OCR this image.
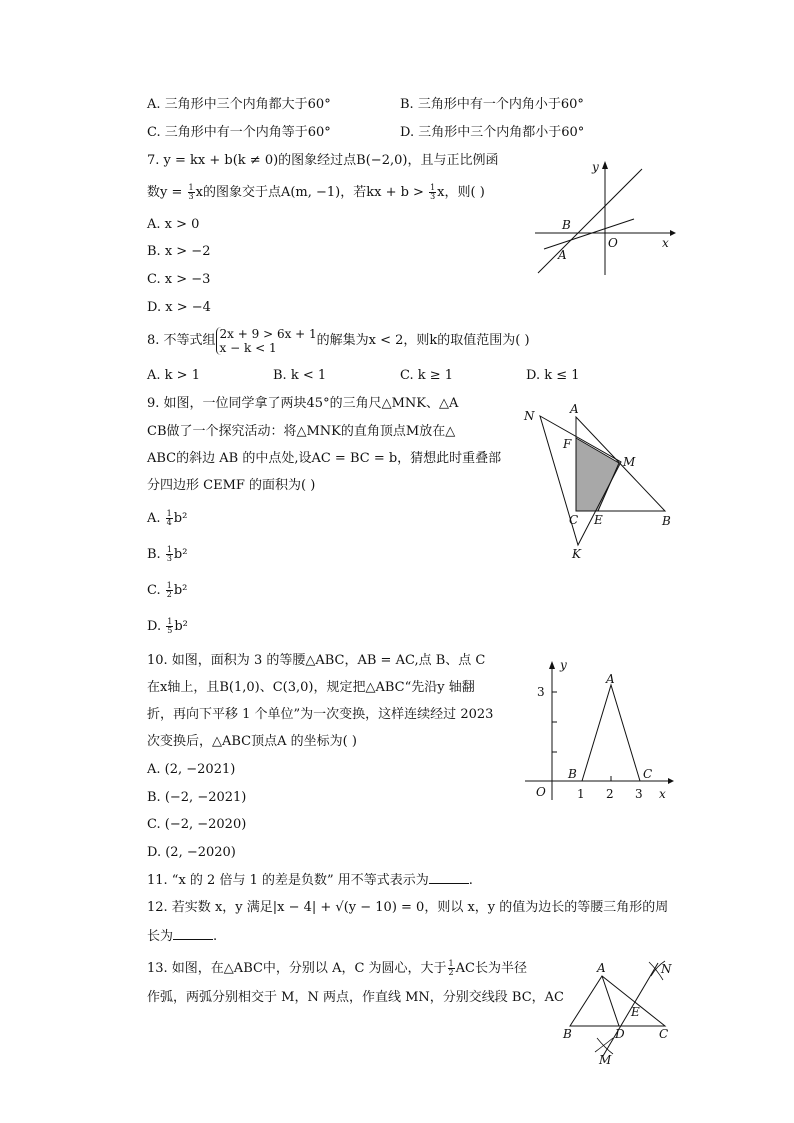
A. 三角形中三个内角都大于60°	B. 三角形中有一个内角小于60°
C. 三角形中有一个内角等于60°	D. 三角形中三个内角都小于60°
7. y = kx + b(k ≠ 0)的图象经过点B(−2,0)，且与正比例函
数$y = \frac{1}{3}$ x的图象交于点A(m, −1)，若kx + $b > \frac{1}{3}$ x，则( )
A. x > 0
B. x > −2
C. x > −3
D. x > −4
y
x
O
B
A
8. 不等式组 2x + 9 > 6x + 1
x − k < 1	的解集为x < 2，则k的取值范围为( )
A. k > 1	B. k < 1	C. k ≥ 1	D. k ≤ 1
9. 如图，一位同学拿了两块45°的三角尺△MNK、△A
CB做了一个探究活动：将△MNK的直角顶点M放在△
ABC的斜边 AB 的中点处,设AC = BC = b，猜想此时重叠部
分四边形 CEMF 的面积为( )
A. $\frac{1}{4} b^2$
B. $\frac{1}{3} b^2$
C. $\frac{1}{2} b^2$
D. $\frac{1}{5} b^2$
N	A
F
M
C E	B
K
10. 如图，面积为 3 的等腰△ABC，AB = AC,点 B、点 C
在x轴上，且B(1,0)、C(3,0)，规定把△ABC“先沿y 轴翻
折，再向下平移 1 个单位”为一次变换，这样连续经过 2023
次变换后，△ABC顶点A 的坐标为( )
A. (2, −2021)
B. (−2, −2021)
C. (−2, −2020)
D. (2, −2020)
y
x
O
3
1 2 3
A
B	C
11. “x 的 2 倍与 1 的差是负数” 用不等式表示为	.
12. 若实数 x，y 满足|x − 4| + √(y − 10) = 0，则以 x，y 的值为边长的等腰三角形的周
长为	.
13. 如图，在△ABC中，分别以 A，C 为圆心，大于 $\frac{1}{2}$ AC长为半径
作弧，两弧分别相交于 M，N 两点，作直线 MN，分别交线段 BC，AC
A	N
E
B	D	C
M
